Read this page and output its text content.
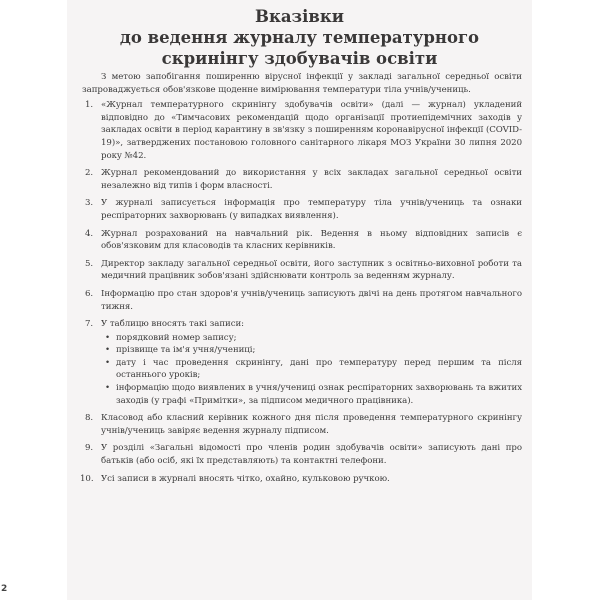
Вказівки
до ведення журналу температурного
скринінгу здобувачів освіти

З метою запобігання поширенню вірусної інфекції у закладі загальної середньої освіти запроваджується обов'язкове щоденне вимірювання температури тіла учнів/учениць.

1. «Журнал температурного скринінгу здобувачів освіти» (далі — журнал) укладений відповідно до «Тимчасових рекомендацій щодо організації протиепідемічних заходів у закладах освіти в період карантину в зв'язку з поширенням коронавірусної інфекції (COVID-19)», затверджених постановою головного санітарного лікаря МОЗ України 30 липня 2020 року №42.
2. Журнал рекомендований до використання у всіх закладах загальної середньої освіти незалежно від типів і форм власності.
3. У журналі записується інформація про температуру тіла учнів/учениць та ознаки респіраторних захворювань (у випадках виявлення).
4. Журнал розрахований на навчальний рік. Ведення в ньому відповідних записів є обов'язковим для класоводів та класних керівників.
5. Директор закладу загальної середньої освіти, його заступник з освітньо-виховної роботи та медичний працівник зобов'язані здійснювати контроль за веденням журналу.
6. Інформацію про стан здоров'я учнів/учениць записують двічі на день протягом навчального тижня.
7. У таблицю вносять такі записи:
• порядковий номер запису;
• прізвище та ім'я учня/учениці;
• дату і час проведення скринінгу, дані про температуру перед першим та після останнього уроків;
• інформацію щодо виявлених в учня/учениці ознак респіраторних захворювань та вжитих заходів (у графі «Примітки», за підписом медичного працівника).
8. Класовод або класний керівник кожного дня після проведення температурного скринінгу учнів/учениць завіряє ведення журналу підписом.
9. У розділі «Загальні відомості про членів родин здобувачів освіти» записують дані про батьків (або осіб, які їх представляють) та контактні телефони.
10. Усі записи в журналі вносять чітко, охайно, кульковою ручкою.
2
